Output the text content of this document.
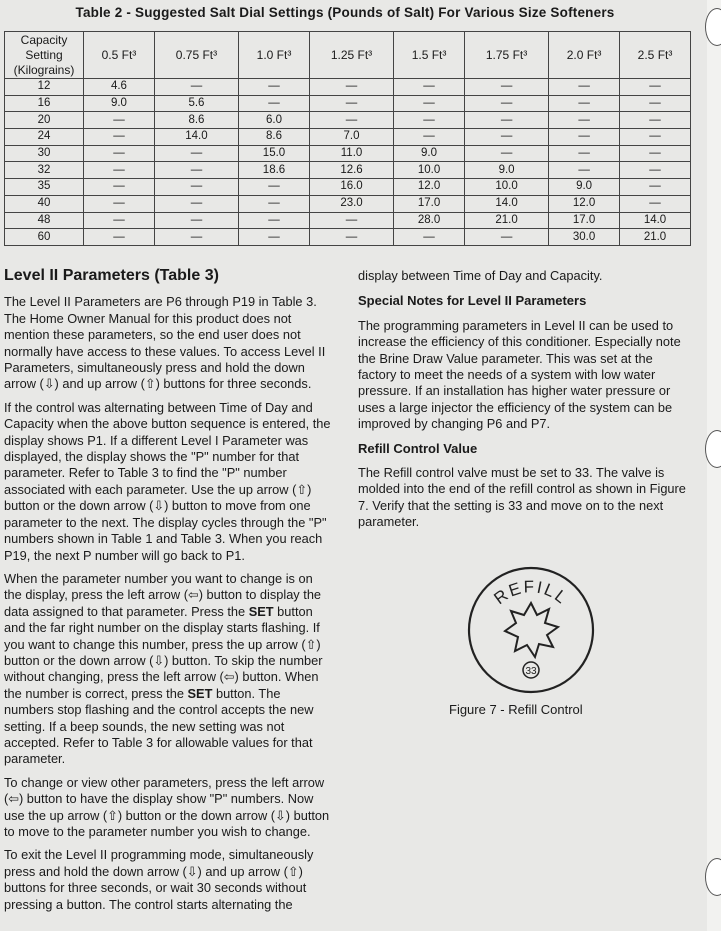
Table 2 - Suggested Salt Dial Settings (Pounds of Salt) For Various Size Softeners
Capacity
Setting
(Kilograins)	0.5 Ft³	0.75 Ft³	1.0 Ft³	1.25 Ft³	1.5 Ft³	1.75 Ft³	2.0 Ft³	2.5 Ft³
12	4.6	—	—	—	—	—	—	—
16	9.0	5.6	—	—	—	—	—	—
20	—	8.6	6.0	—	—	—	—	—
24	—	14.0	8.6	7.0	—	—	—	—
30	—	—	15.0	11.0	9.0	—	—	—
32	—	—	18.6	12.6	10.0	9.0	—	—
35	—	—	—	16.0	12.0	10.0	9.0	—
40	—	—	—	23.0	17.0	14.0	12.0	—
48	—	—	—	—	28.0	21.0	17.0	14.0
60	—	—	—	—	—	—	30.0	21.0
Level II Parameters (Table 3)

The Level II Parameters are P6 through P19 in Table 3. The Home Owner Manual for this product does not mention these parameters, so the end user does not normally have access to these values. To access Level II Parameters, simultaneously press and hold the down arrow (⇩) and up arrow (⇧) buttons for three seconds.

If the control was alternating between Time of Day and Capacity when the above button sequence is entered, the display shows P1. If a different Level I Parameter was displayed, the display shows the "P" number for that parameter. Refer to Table 3 to find the "P" number associated with each parameter. Use the up arrow (⇧) button or the down arrow (⇩) button to move from one parameter to the next. The display cycles through the "P" numbers shown in Table 1 and Table 3. When you reach P19, the next P number will go back to P1.

When the parameter number you want to change is on the display, press the left arrow (⇦) button to display the data assigned to that parameter. Press the SET button and the far right number on the display starts flashing. If you want to change this number, press the up arrow (⇧) button or the down arrow (⇩) button. To skip the number without changing, press the left arrow (⇦) button. When the number is correct, press the SET button. The numbers stop flashing and the control accepts the new setting. If a beep sounds, the new setting was not accepted. Refer to Table 3 for allowable values for that parameter.

To change or view other parameters, press the left arrow (⇦) button to have the display show "P" numbers. Now use the up arrow (⇧) button or the down arrow (⇩) button to move to the parameter number you wish to change.

To exit the Level II programming mode, simultaneously press and hold the down arrow (⇩) and up arrow (⇧) buttons for three seconds, or wait 30 seconds without pressing a button. The control starts alternating the

display between Time of Day and Capacity.

Special Notes for Level II Parameters

The programming parameters in Level II can be used to increase the efficiency of this conditioner. Especially note the Brine Draw Value parameter. This was set at the factory to meet the needs of a system with low water pressure. If an installation has higher water pressure or uses a large injector the efficiency of the system can be improved by changing P6 and P7.

Refill Control Value

The Refill control valve must be set to 33. The valve is molded into the end of the refill control as shown in Figure 7. Verify that the setting is 33 and move on to the next parameter.

REFILL
33
Figure 7 - Refill Control
